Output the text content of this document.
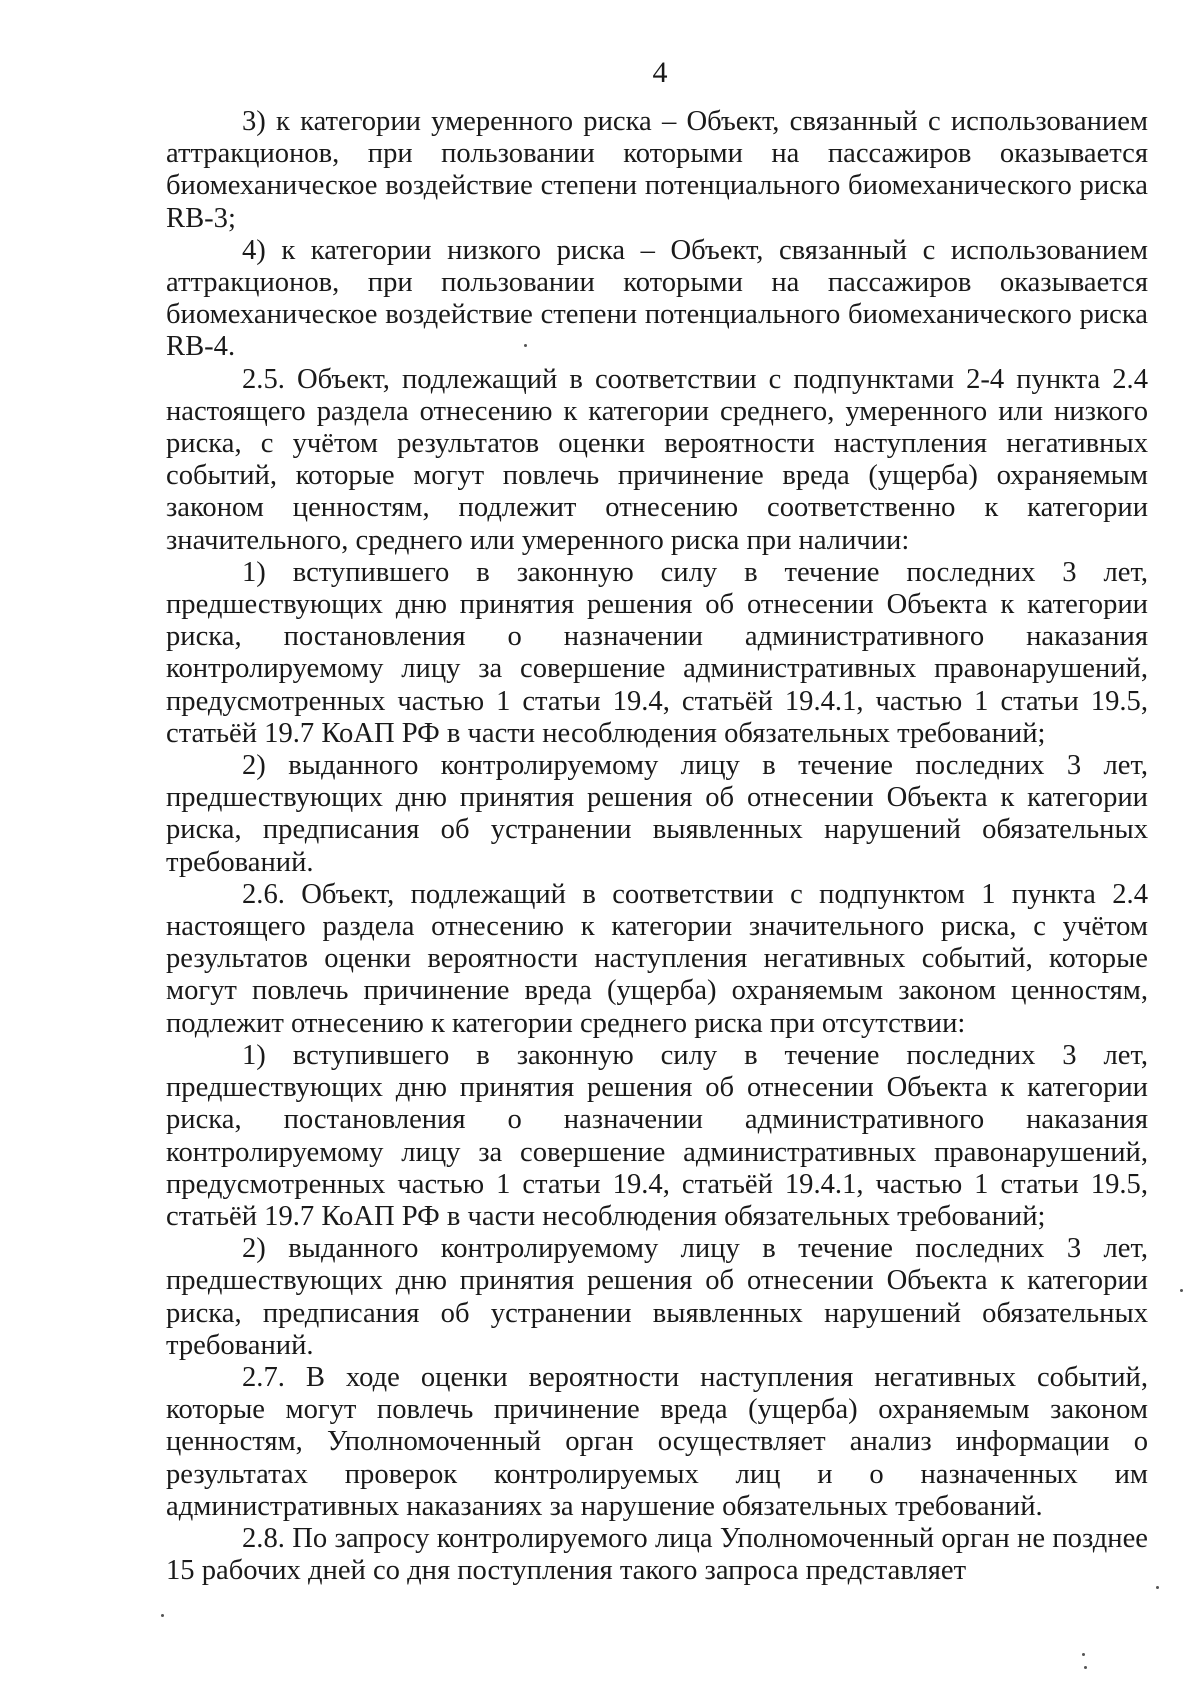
4

3) к категории умеренного риска – Объект, связанный с использованием аттракционов, при пользовании которыми на пассажиров оказывается биомеханическое воздействие степени потенциального биомеханического риска RB-3;

4) к категории низкого риска – Объект, связанный с использованием аттракционов, при пользовании которыми на пассажиров оказывается биомеханическое воздействие степени потенциального биомеханического риска RB-4.

2.5. Объект, подлежащий в соответствии с подпунктами 2-4 пункта 2.4 настоящего раздела отнесению к категории среднего, умеренного или низкого риска, с учётом результатов оценки вероятности наступления негативных событий, которые могут повлечь причинение вреда (ущерба) охраняемым законом ценностям, подлежит отнесению соответственно к категории значительного, среднего или умеренного риска при наличии:

1) вступившего в законную силу в течение последних 3 лет, предшествующих дню принятия решения об отнесении Объекта к категории риска, постановления о назначении административного наказания контролируемому лицу за совершение административных правонарушений, предусмотренных частью 1 статьи 19.4, статьёй 19.4.1, частью 1 статьи 19.5, статьёй 19.7 КоАП РФ в части несоблюдения обязательных требований;

2) выданного контролируемому лицу в течение последних 3 лет, предшествующих дню принятия решения об отнесении Объекта к категории риска, предписания об устранении выявленных нарушений обязательных требований.

2.6. Объект, подлежащий в соответствии с подпунктом 1 пункта 2.4 настоящего раздела отнесению к категории значительного риска, с учётом результатов оценки вероятности наступления негативных событий, которые могут повлечь причинение вреда (ущерба) охраняемым законом ценностям, подлежит отнесению к категории среднего риска при отсутствии:

1) вступившего в законную силу в течение последних 3 лет, предшествующих дню принятия решения об отнесении Объекта к категории риска, постановления о назначении административного наказания контролируемому лицу за совершение административных правонарушений, предусмотренных частью 1 статьи 19.4, статьёй 19.4.1, частью 1 статьи 19.5, статьёй 19.7 КоАП РФ в части несоблюдения обязательных требований;

2) выданного контролируемому лицу в течение последних 3 лет, предшествующих дню принятия решения об отнесении Объекта к категории риска, предписания об устранении выявленных нарушений обязательных требований.

2.7. В ходе оценки вероятности наступления негативных событий, которые могут повлечь причинение вреда (ущерба) охраняемым законом ценностям, Уполномоченный орган осуществляет анализ информации о результатах проверок контролируемых лиц и о назначенных им административных наказаниях за нарушение обязательных требований.

2.8. По запросу контролируемого лица Уполномоченный орган не позднее 15 рабочих дней со дня поступления такого запроса представляет
